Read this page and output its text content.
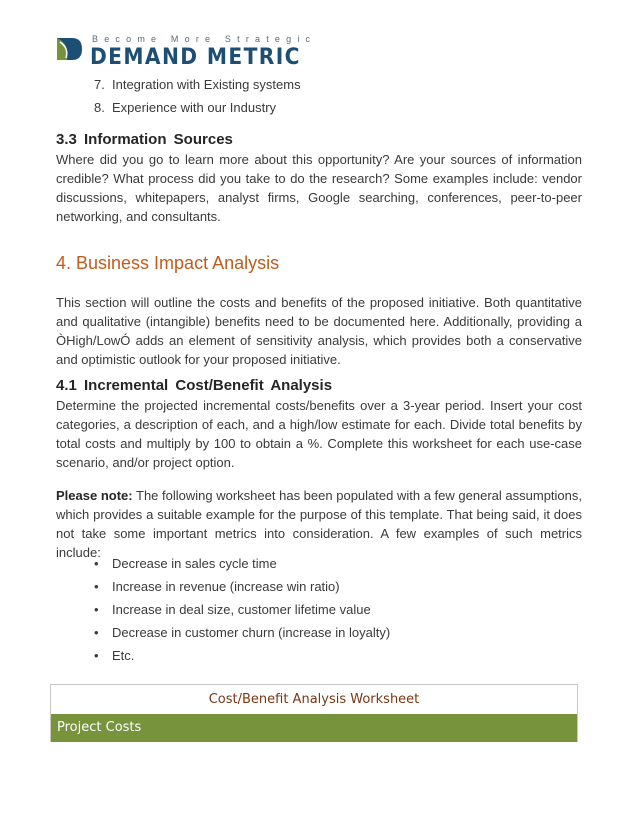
Become More Strategic
DEMAND METRIC
7. Integration with Existing systems
8. Experience with our Industry
3.3 Information Sources

Where did you go to learn more about this opportunity? Are your sources of information credible? What process did you take to do the research? Some examples include: vendor discussions, whitepapers, analyst firms, Google searching, conferences, peer-to-peer networking, and consultants.

4. Business Impact Analysis

This section will outline the costs and benefits of the proposed initiative. Both quantitative and qualitative (intangible) benefits need to be documented here. Additionally, providing a ÒHigh/LowÓ adds an element of sensitivity analysis, which provides both a conservative and optimistic outlook for your proposed initiative.

4.1 Incremental Cost/Benefit Analysis

Determine the projected incremental costs/benefits over a 3-year period. Insert your cost categories, a description of each, and a high/low estimate for each. Divide total benefits by total costs and multiply by 100 to obtain a %. Complete this worksheet for each use-case scenario, and/or project option.

Please note: The following worksheet has been populated with a few general assumptions, which provides a suitable example for the purpose of this template. That being said, it does not take some important metrics into consideration. A few examples of such metrics include:

• Decrease in sales cycle time
• Increase in revenue (increase win ratio)
• Increase in deal size, customer lifetime value
• Decrease in customer churn (increase in loyalty)
• Etc.
Cost/Benefit Analysis Worksheet
Project Costs
